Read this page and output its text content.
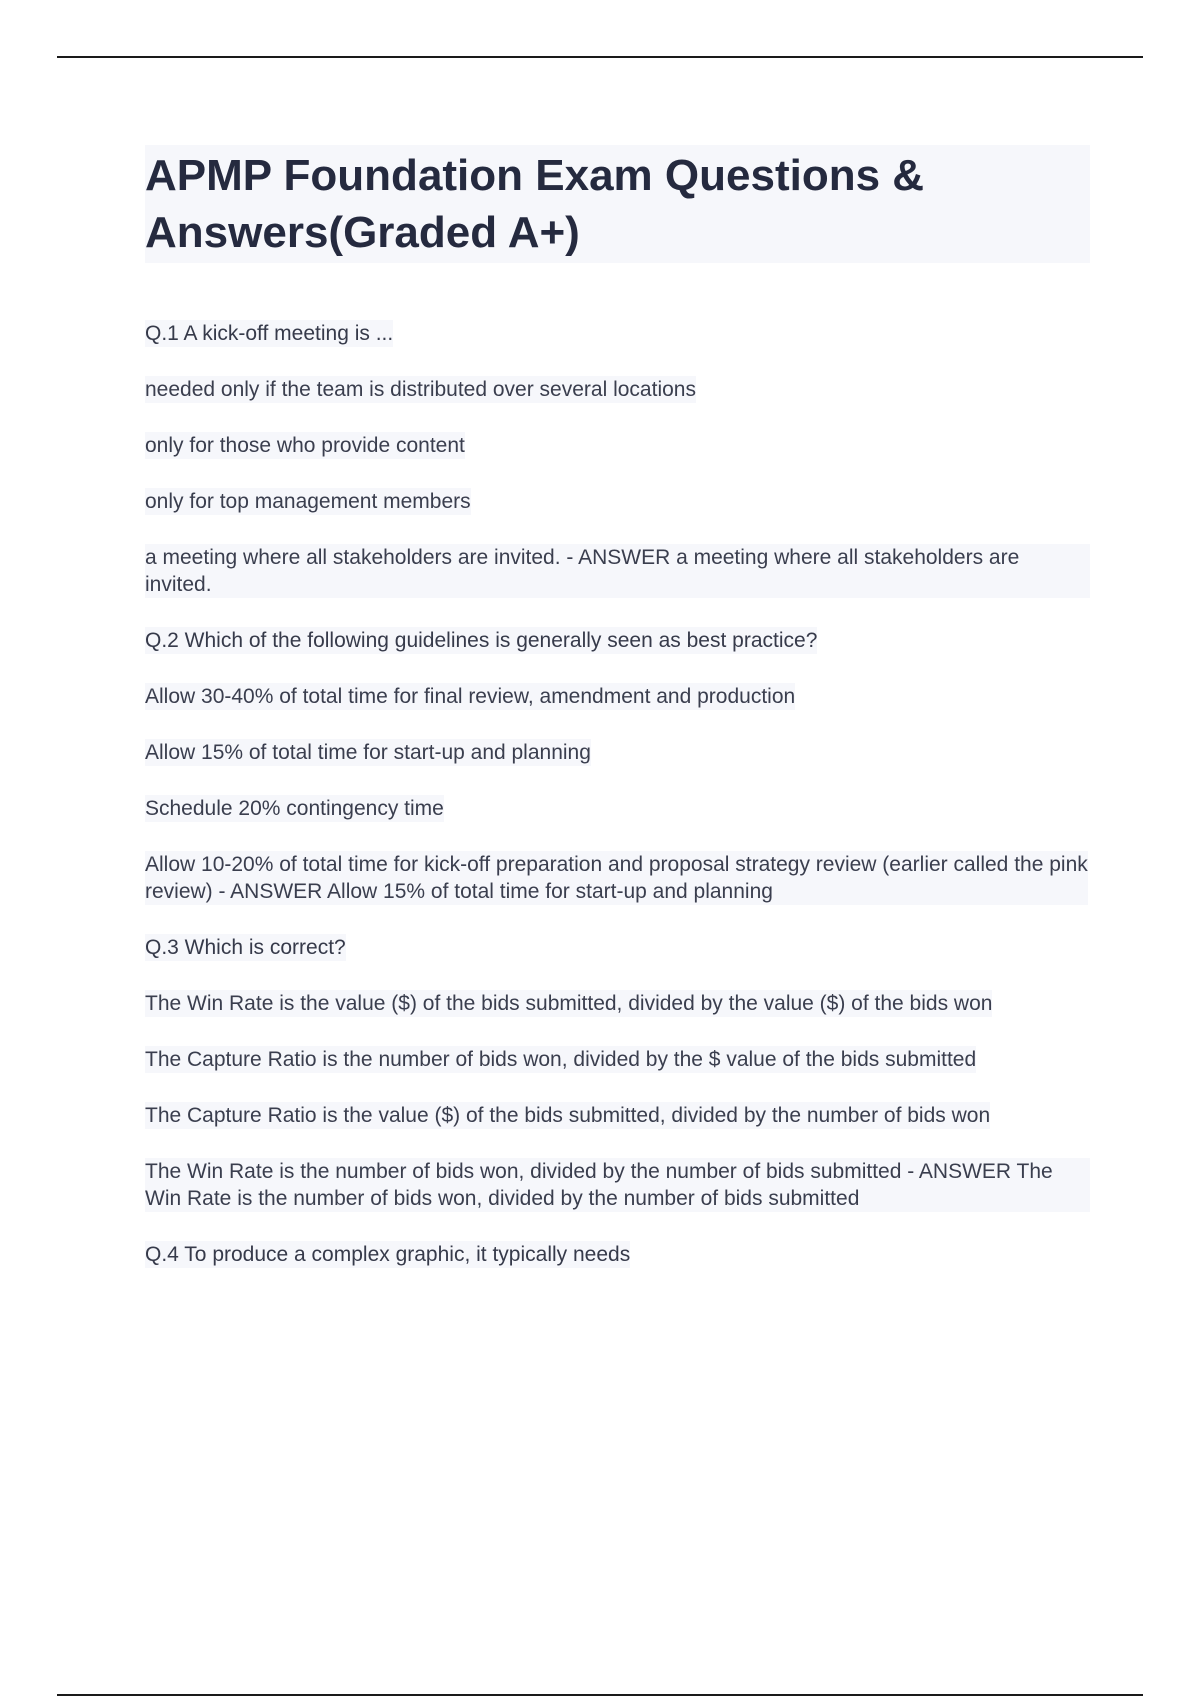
APMP Foundation Exam Questions & Answers(Graded A+)
Q.1 A kick-off meeting is ...
needed only if the team is distributed over several locations
only for those who provide content
only for top management members
a meeting where all stakeholders are invited. - ANSWER a meeting where all stakeholders are invited.
Q.2 Which of the following guidelines is generally seen as best practice?
Allow 30-40% of total time for final review, amendment and production
Allow 15% of total time for start-up and planning
Schedule 20% contingency time
Allow 10-20% of total time for kick-off preparation and proposal strategy review (earlier called the pink
review) - ANSWER Allow 15% of total time for start-up and planning
Q.3 Which is correct?
The Win Rate is the value ($) of the bids submitted, divided by the value ($) of the bids won
The Capture Ratio is the number of bids won, divided by the $ value of the bids submitted
The Capture Ratio is the value ($) of the bids submitted, divided by the number of bids won
The Win Rate is the number of bids won, divided by the number of bids submitted - ANSWER The Win Rate is the number of bids won, divided by the number of bids submitted
Q.4 To produce a complex graphic, it typically needs
